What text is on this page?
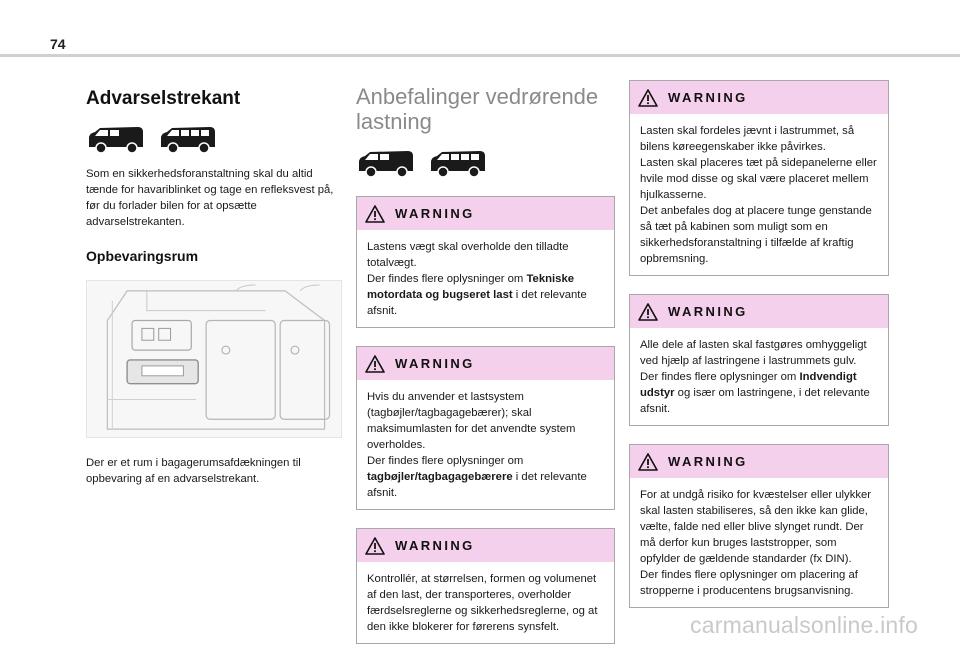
74
Advarselstrekant

Som en sikkerhedsforanstaltning skal du altid tænde for havariblinket og tage en refleksvest på, før du forlader bilen for at opsætte advarselstrekanten.

Opbevaringsrum

Der er et rum i bagagerumsafdækningen til opbevaring af en advarselstrekant.

Anbefalinger vedrørende
lastning
WARNING
Lastens vægt skal overholde den tilladte totalvægt.
Der findes flere oplysninger om Tekniske motordata og bugseret last i det relevante afsnit.
WARNING
Hvis du anvender et lastsystem (tagbøjler/tagbagagebærer); skal maksimumlasten for det anvendte system overholdes.
Der findes flere oplysninger om tagbøjler/tagbagagebærere i det relevante afsnit.
WARNING
Kontrollér, at størrelsen, formen og volumenet af den last, der transporteres, overholder færdselsreglerne og sikkerhedsreglerne, og at den ikke blokerer for førerens synsfelt.
WARNING
Lasten skal fordeles jævnt i lastrummet, så bilens køreegenskaber ikke påvirkes.
Lasten skal placeres tæt på sidepanelerne eller hvile mod disse og skal være placeret mellem hjulkasserne.
Det anbefales dog at placere tunge genstande så tæt på kabinen som muligt som en sikkerhedsforanstaltning i tilfælde af kraftig opbremsning.
WARNING
Alle dele af lasten skal fastgøres omhyggeligt ved hjælp af lastringene i lastrummets gulv.
Der findes flere oplysninger om Indvendigt udstyr og især om lastringene, i det relevante afsnit.
WARNING
For at undgå risiko for kvæstelser eller ulykker skal lasten stabiliseres, så den ikke kan glide, vælte, falde ned eller blive slynget rundt. Der må derfor kun bruges laststropper, som opfylder de gældende standarder (fx DIN).
Der findes flere oplysninger om placering af stropperne i producentens brugsanvisning.
carmanualsonline.info
